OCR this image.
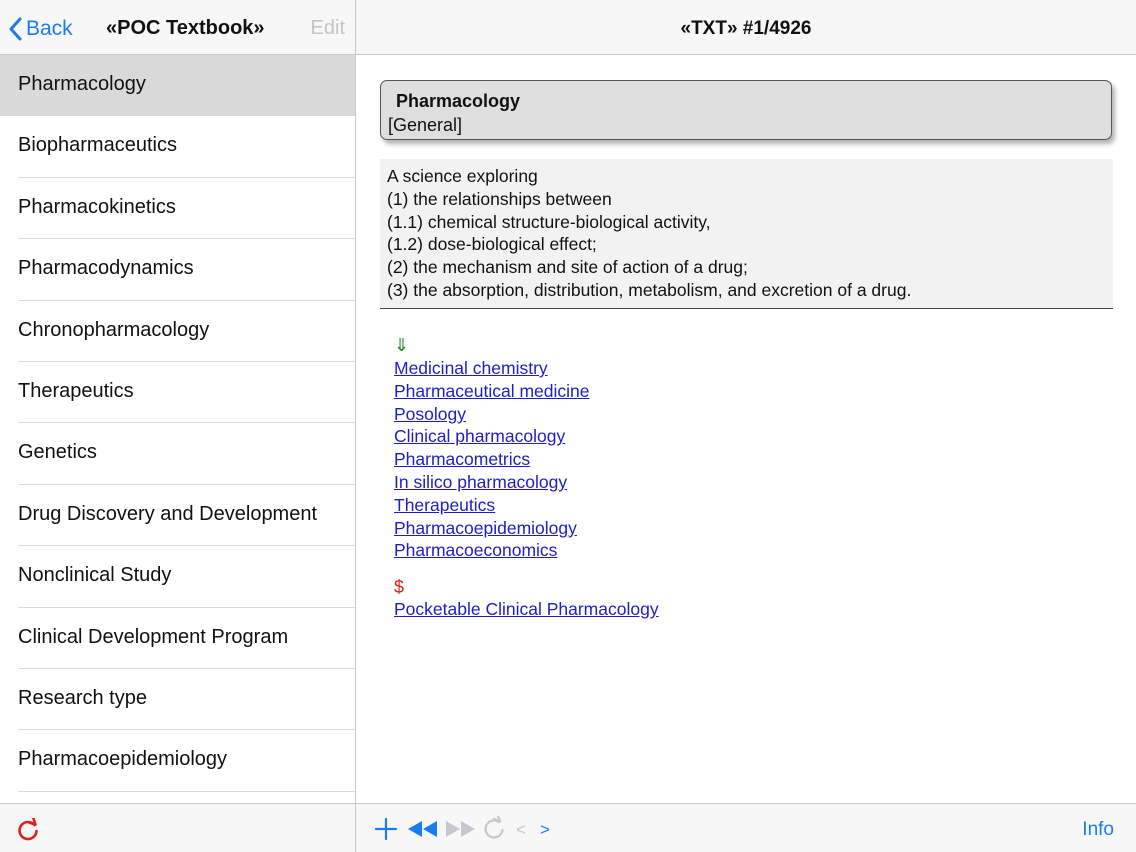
Back «POC Textbook» Edit
Pharmacology
Biopharmaceutics
Pharmacokinetics
Pharmacodynamics
Chronopharmacology
Therapeutics
Genetics
Drug Discovery and Development
Nonclinical Study
Clinical Development Program
Research type
Pharmacoepidemiology
«TXT» #1/4926
Pharmacology
[General]
A science exploring
(1) the relationships between
(1.1) chemical structure-biological activity,
(1.2) dose-biological effect;
(2) the mechanism and site of action of a drug;
(3) the absorption, distribution, metabolism, and excretion of a drug.
⇓
Medicinal chemistry
Pharmaceutical medicine
Posology
Clinical pharmacology
Pharmacometrics
In silico pharmacology
Therapeutics
Pharmacoepidemiology
Pharmacoeconomics
$
Pocketable Clinical Pharmacology
< >	Info
